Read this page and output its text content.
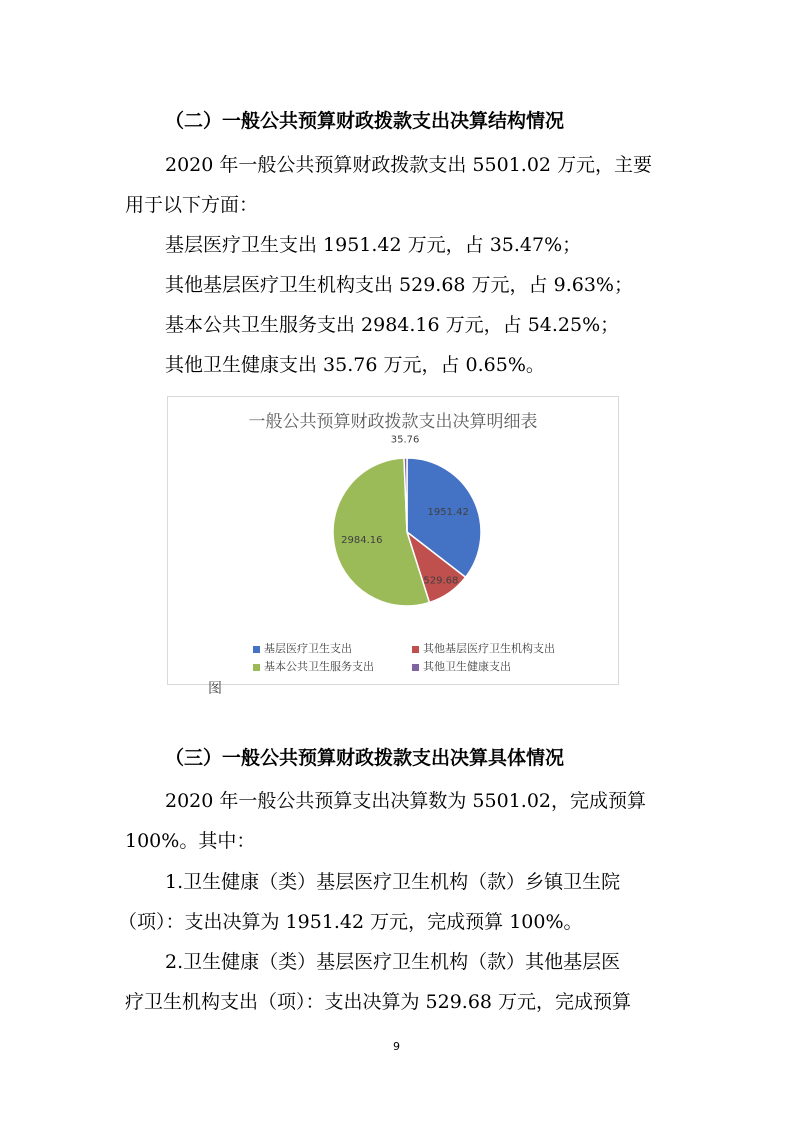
（二）一般公共预算财政拨款支出决算结构情况
2020 年一般公共预算财政拨款支出 5501.02 万元，主要
用于以下方面：
基层医疗卫生支出 1951.42 万元，占 35.47%；
其他基层医疗卫生机构支出 529.68 万元，占 9.63%；
基本公共卫生服务支出 2984.16 万元，占 54.25%；
其他卫生健康支出 35.76 万元，占 0.65%。
一般公共预算财政拨款支出决算明细表
1951.42
529.68
2984.16
35.76
基层医疗卫生支出	其他基层医疗卫生机构支出
基本公共卫生服务支出	其他卫生健康支出
图
（三）一般公共预算财政拨款支出决算具体情况
2020 年一般公共预算支出决算数为 5501.02，完成预算
100%。其中：
1.卫生健康（类）基层医疗卫生机构（款）乡镇卫生院
（项）：支出决算为 1951.42 万元，完成预算 100%。
2.卫生健康（类）基层医疗卫生机构（款）其他基层医
疗卫生机构支出（项）：支出决算为 529.68 万元，完成预算
9
